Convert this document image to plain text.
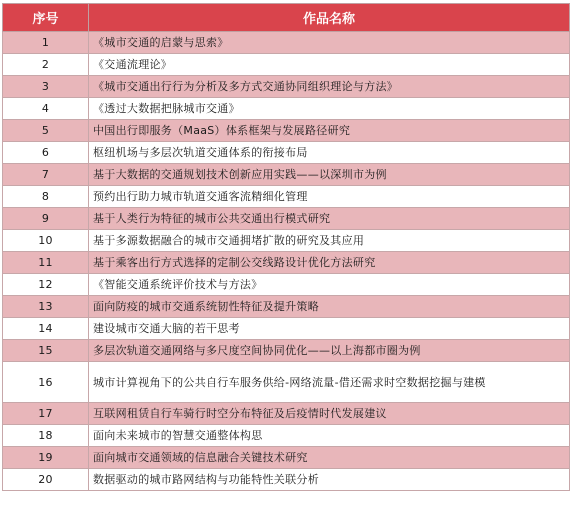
序号	作品名称
1	《城市交通的启蒙与思索》
2	《交通流理论》
3	《城市交通出行行为分析及多方式交通协同组织理论与方法》
4	《透过大数据把脉城市交通》
5	中国出行即服务（MaaS）体系框架与发展路径研究
6	枢纽机场与多层次轨道交通体系的衔接布局
7	基于大数据的交通规划技术创新应用实践——以深圳市为例
8	预约出行助力城市轨道交通客流精细化管理
9	基于人类行为特征的城市公共交通出行模式研究
10	基于多源数据融合的城市交通拥堵扩散的研究及其应用
11	基于乘客出行方式选择的定制公交线路设计优化方法研究
12	《智能交通系统评价技术与方法》
13	面向防疫的城市交通系统韧性特征及提升策略
14	建设城市交通大脑的若干思考
15	多层次轨道交通网络与多尺度空间协同优化——以上海都市圈为例
16	城市计算视角下的公共自行车服务供给-网络流量-借还需求时空数据挖掘与建模
17	互联网租赁自行车骑行时空分布特征及后疫情时代发展建议
18	面向未来城市的智慧交通整体构思
19	面向城市交通领域的信息融合关键技术研究
20	数据驱动的城市路网结构与功能特性关联分析
